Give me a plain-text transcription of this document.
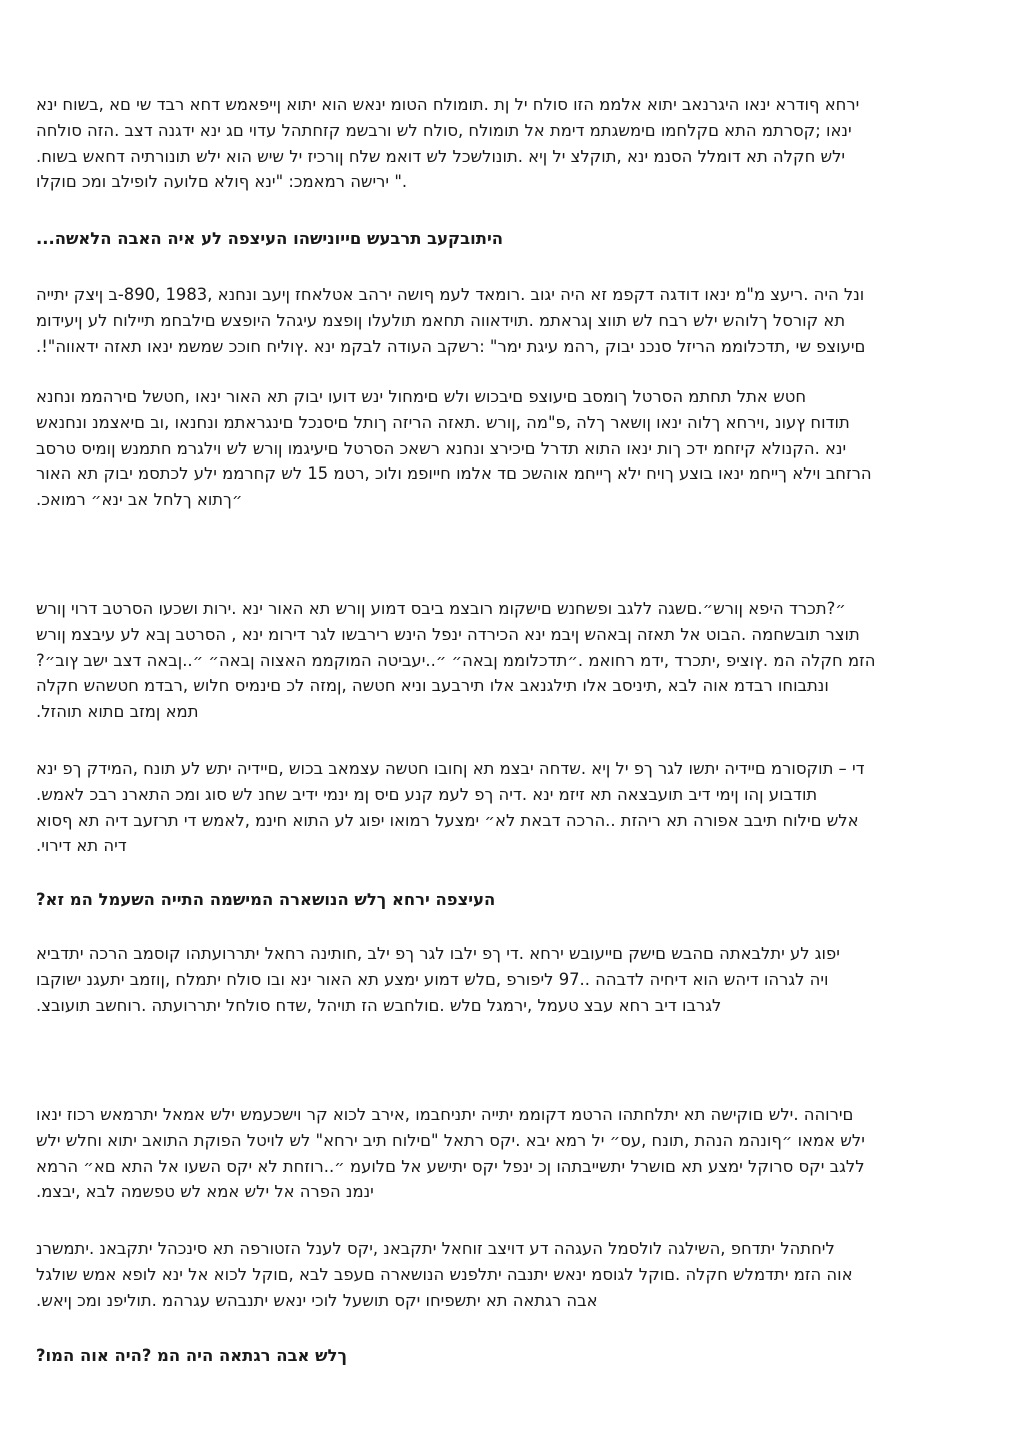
ירחא ףודרא ינאו היגרנאב יתוא אלממ הזו סולח יל ןת .תומולח הטומ ינאש הוא יתוא ןייפאמש דחא רבד שי םא ,בשוח ינא
ינאו ;קסרתמ התא םקלחמו םימשגתמ דימת אל תומולח ,סולח לש ורבשמ קזחתהל עדוי םג ינא ידגנה דצב .הזה סולחה
.ילש חקלה תא דומלל הסנמ ינא ,תוקלצ יל ןיא .תונולשכל לש דואמ שלח ןורכיז יל שיש הוא ילש תונורתיה דחאש בשוח
ירישה רמאמכ: "ינא ףולא םלועה לופילב ומכ םוקלו ".
...היתובקעב תרבעש םייונישהו העיצפה לע איה האבה הלאשה
ונל היה .ריעצ מ"מ ינאו דודגה דקפמ זא היה יגוב .רומאד לעמ ףושה ירהב אטלאחז ןיעב ונחנא ,1983 ,890-ב ןיצק יתייה
תא קורסל ךלוהש ילש רבח לש תווצ ןגראתמ .תוידאווה תחאמ תולעלו ןופצמ עיגהל היופצש םילבחמ תיילוח לע ןיעידומ
.!"םיעוצפ שי ,תדכלוממ הריזל סנכנ יבוק ,רהמ עיגת ימר" :רשקב העודה לבקמ ינא .ץוליח חוככ שמשמ ינאו תאזה ידאווה
חטש אתל תחתמ הסרטל ךומסב םיעוצפ םיבכוש ולש םימחול ינש דועו יבוק תא האור ינאו ,חטשל םירהממ ונחנא
תודוח ץעונ ,וירחא ךלוה ינאו ןושאר ךלה ,פ"מה ,ןורש .תאזה הריזה ךותל םיסנכל םינגראתמ ונחנאו ,וב םיאצמנ ונחנאש
ינא .הקנולא קיזחמ ידכ ךות ינאו התוא תדרל םיכירצ ונחנא רשאכ הסרטל םיעיגמו ןורש לש וילגרמ חתמנש ןומיס טרסב
הרזחב וילא ךייחמ ינאו בוצע ךויח ילא ךייחמ אוהשכ םד אלמו חייופמ ולוכ ,רטמ 15 לש קחרממ ילע לכתסמ יבוק תא האור
.״ךתוא ךלחל אב ינא״ רמואכ
״?תכרד היפא ןורש״.םשגה ללגב ופשחנש םישקומ רובצמ ביבס דמוע ןורש תא האור ינא .ירות ושכעו הסרטב דרוי ןורש
תוצר תובשחמה .הבוט אל תאזה ןבאהש ןיבמ ינא הכירדה ינפל הינש רירבשו לגר דירומ ינא , הסרטב ןבא לע עיבצמ ןורש
?הזמ חקלה המ .ץוציפ ,יתכרד ,ידמ רחואמ .״תדכלוממ ןבאה״ ״..יעביטה המוקממ האצוה ןבאה״ ״..ןבאה דצב ישב ץוב״
ונתבוחו רבדמ אוה לבא ,תיניסב אלו תילגנאב אלו תירבעב וניא חטשה ,ןמזה לכ םינמיס חלוש ,רבדמ חטשהש חקלה
.תמא ןמזב םתוא תוהזל
די – תוקסורמ םיידיה יתשו לגר ךפ יל ןיא .שדחה יבצמ תא ןחובו חטשה עצמאב בכוש ,םיידיה יתש לע תונח ,המידק ךפ ינא
.תודבוע ןהו ןימי דיב תועבצאה תא זיזמ ינא .דיה ךפ לעמ קנע םיס ןמ ינמי ידיב שחנ לש סוג ומכ התארנ רבכ לאמש
אלש םילוח תיבב אפורה תא ריהזת ..הרכה דבאת לא״ ימצעל רמואו יפוג לע התוא חינמ ,לאמש די תרזעב דיה תא ףסוא
.דיה תא דירוי
?העיצפה ירחא ךלש הנושארה המישמה התייה השעמל המ זא
יפוג לע יתלבאתה םהבש םישק םייעובש ירחא .די ךפ ילבו לגר ךפ ילב ,חותינה רחאל יתררועתהו קוסמב הרכה יתדביא
ויה לגרהו דיהש הוא דיחיה לדבהה ..97 ליפורפ ,םלש דמוע ימצע תא האור ינא ובו סולח יתמלח ,ןוזמב יתעגנ ישוקבו
.לגרבו דיב רחא עבצ טעמל ,ירמגל םלש .םולחבש הז תויהל ,שדח סולחל יתררועתה .רוחשב תועובצ
םירוהה .ילש םוקישה תא יתלחתהו הרטמ דקוממ יתייה יתניחבמו ,אירב לכוא קר וישכעמש ילש אמאל יתרמאש רכוז ינאו
ילש אמאו ״ףונהמ הנהת ,תונח ,עס״ יל רמא יבא .יקס רתאל "םילוח תיב ירחא" לש לויטל הפוקת התואב יתוא וחלש ילש
ללגב יקס סרוקל ימצע תא םושרל יתשייבתהו ןכ ינפל יקס יתישע אל םלועמ ״..רוזחת לא יקס השעו אל התא םא״ הרמא
.ינמנ הפרה אל ילש אמא לש טפשמה לבא ,יבצמ
ליחתהל יתדחפ ,השילגה לולסמל העגהה דע דויצב זוחאל יתקבאנ ,יקס לענל הזטורפה תא סינכהל יתקבאנ .יתמשרנ
אוה הזמ יתדמלש חקלה .םוקל לגוסמ ינאש יתנבה יתלפנש הנושארה םעפב לבא ,םוקל לכוא אל ינא לופא אמש שולגל
.אבה רגתאה תא יתשפיחו יקס תושעל לוכי ינאש יתנבהש עגרהמ .תוליפנ ומכ ןיאש
?ךלש אבה רגתאה היה המ ?היה אוה המו
